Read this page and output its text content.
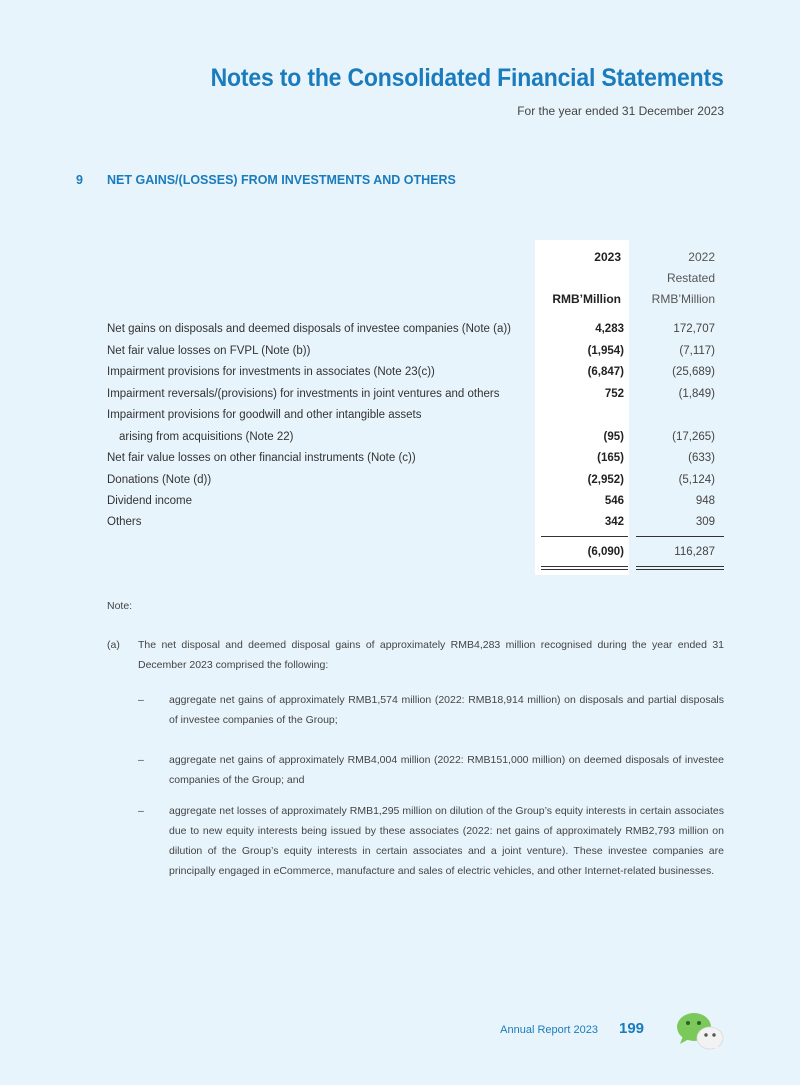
Notes to the Consolidated Financial Statements
For the year ended 31 December 2023
9 NET GAINS/(LOSSES) FROM INVESTMENTS AND OTHERS
2023	2022
Restated
RMB’Million	RMB’Million
Net gains on disposals and deemed disposals of investee companies (Note (a))	4,283	172,707
Net fair value losses on FVPL (Note (b))	(1,954)	(7,117)
Impairment provisions for investments in associates (Note 23(c))	(6,847)	(25,689)
Impairment reversals/(provisions) for investments in joint ventures and others	752	(1,849)
Impairment provisions for goodwill and other intangible assets
arising from acquisitions (Note 22)	(95)	(17,265)
Net fair value losses on other financial instruments (Note (c))	(165)	(633)
Donations (Note (d))	(2,952)	(5,124)
Dividend income	546	948
Others	342	309
(6,090)	116,287
Note:
(a) The net disposal and deemed disposal gains of approximately RMB4,283 million recognised during the year ended 31 December 2023 comprised the following:
– aggregate net gains of approximately RMB1,574 million (2022: RMB18,914 million) on disposals and partial disposals of investee companies of the Group;
– aggregate net gains of approximately RMB4,004 million (2022: RMB151,000 million) on deemed disposals of investee companies of the Group; and
– aggregate net losses of approximately RMB1,295 million on dilution of the Group’s equity interests in certain associates due to new equity interests being issued by these associates (2022: net gains of approximately RMB2,793 million on dilution of the Group’s equity interests in certain associates and a joint venture). These investee companies are principally engaged in eCommerce, manufacture and sales of electric vehicles, and other Internet-related businesses.
Annual Report 2023 199
